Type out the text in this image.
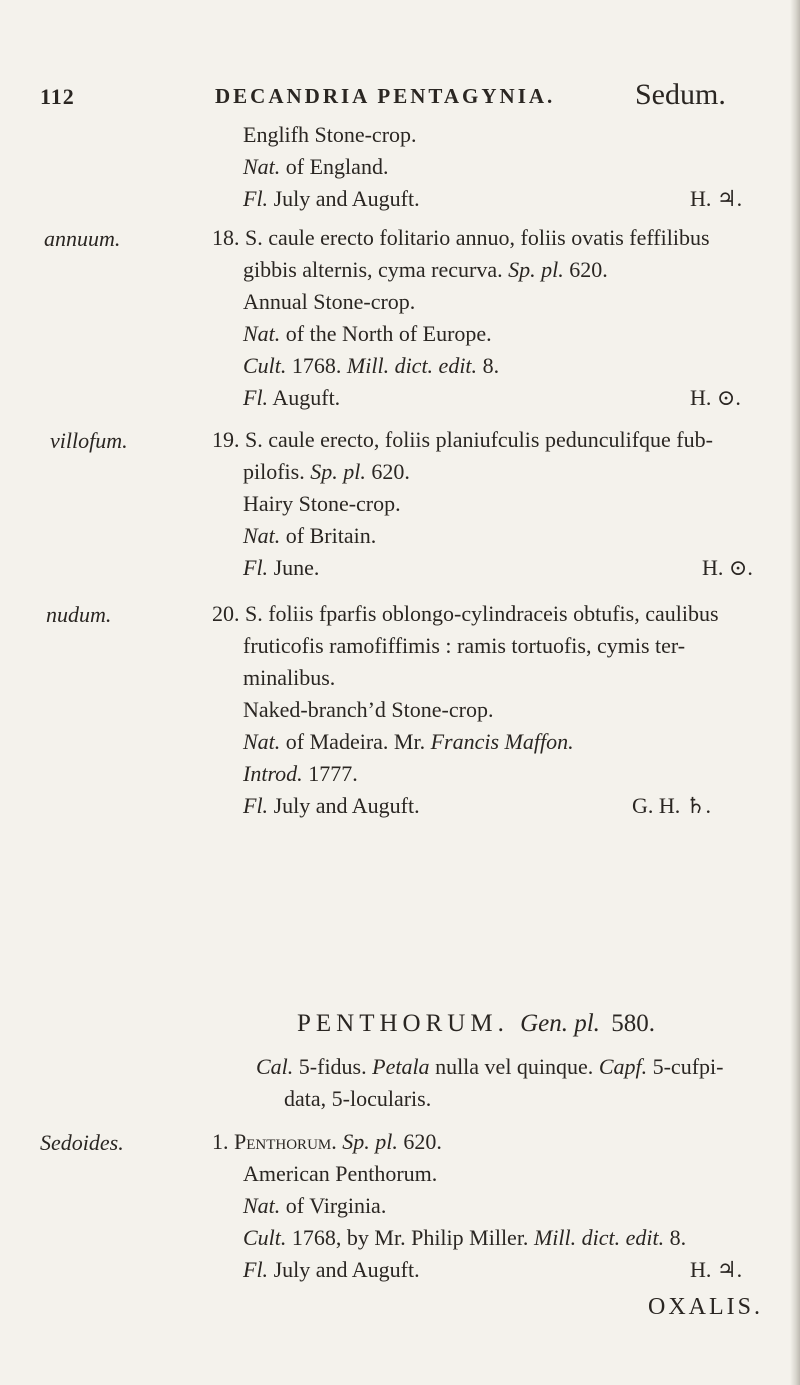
112	DECANDRIA PENTAGYNIA.	Sedum.
Englifh Stone-crop.
Nat. of England.
Fl. July and Auguft.	H. ♃.
annuum.	18. S. caule erecto folitario annuo, foliis ovatis feffilibus
gibbis alternis, cyma recurva. Sp. pl. 620.
Annual Stone-crop.
Nat. of the North of Europe.
Cult. 1768. Mill. dict. edit. 8.
Fl. Auguft.	H. ⊙.
villofum.	19. S. caule erecto, foliis planiufculis pedunculifque fub-
pilofis. Sp. pl. 620.
Hairy Stone-crop.
Nat. of Britain.
Fl. June.	H. ⊙.
nudum.	20. S. foliis fparfis oblongo-cylindraceis obtufis, caulibus
fruticofis ramofiffimis : ramis tortuofis, cymis ter-
minalibus.
Naked-branch’d Stone-crop.
Nat. of Madeira. Mr. Francis Maffon.
Introd. 1777.
Fl. July and Auguft.	G. H. ♄.
PENTHORUM. Gen. pl. 580.
Cal. 5-fidus. Petala nulla vel quinque. Capf. 5-cufpi-
data, 5-locularis.
Sedoides.	1. Penthorum. Sp. pl. 620.
American Penthorum.
Nat. of Virginia.
Cult. 1768, by Mr. Philip Miller. Mill. dict. edit. 8.
Fl. July and Auguft.	H. ♃.
OXALIS.
